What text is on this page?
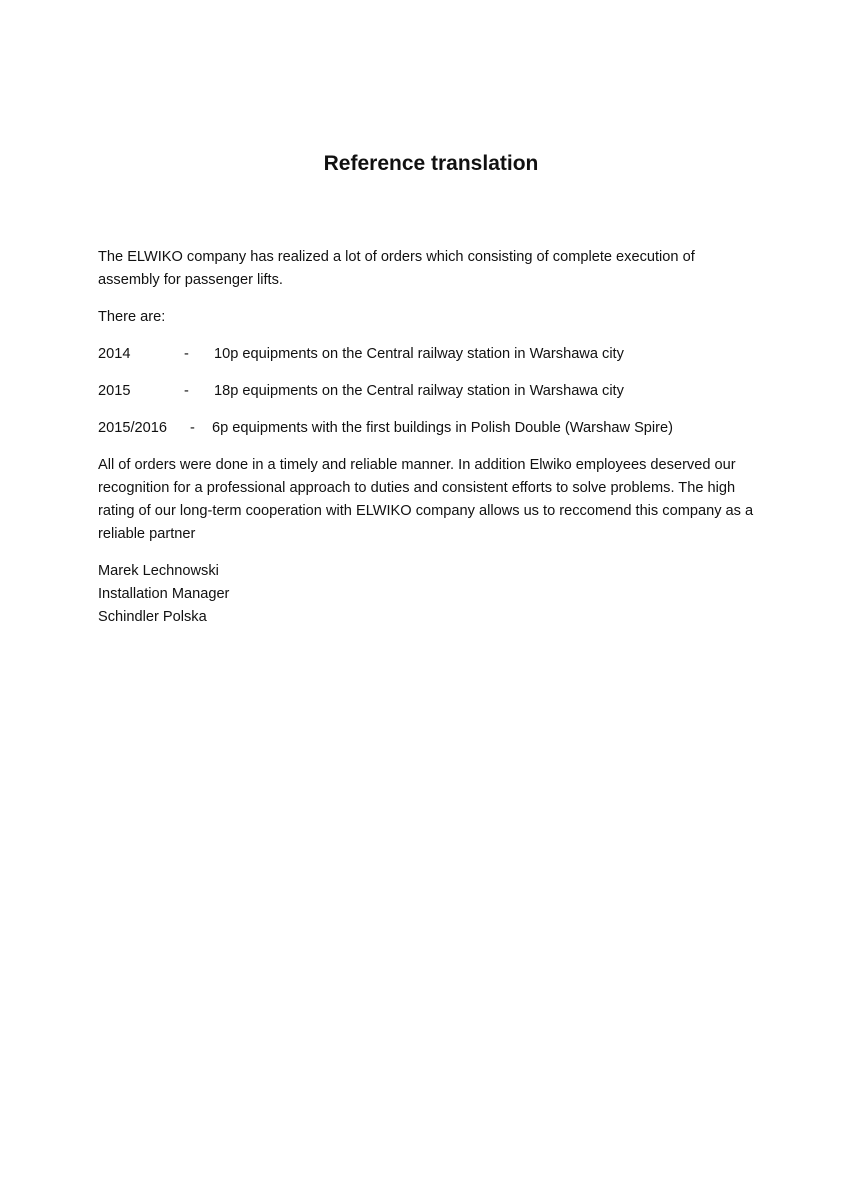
Reference translation

The ELWIKO company has realized a lot of orders which consisting of complete execution of assembly for passenger lifts.

There are:

2014	-	10p equipments on the Central railway station in Warshawa city
2015	-	18p equipments on the Central railway station in Warshawa city
2015/2016	-	6p equipments with the first buildings in Polish Double (Warshaw Spire)

All of orders were done in a timely and reliable manner. In addition Elwiko employees deserved our recognition for a professional approach to duties and consistent efforts to solve problems. The high rating of our long-term cooperation with ELWIKO company allows us to reccomend this company as a reliable partner

Marek Lechnowski
Installation Manager
Schindler Polska
